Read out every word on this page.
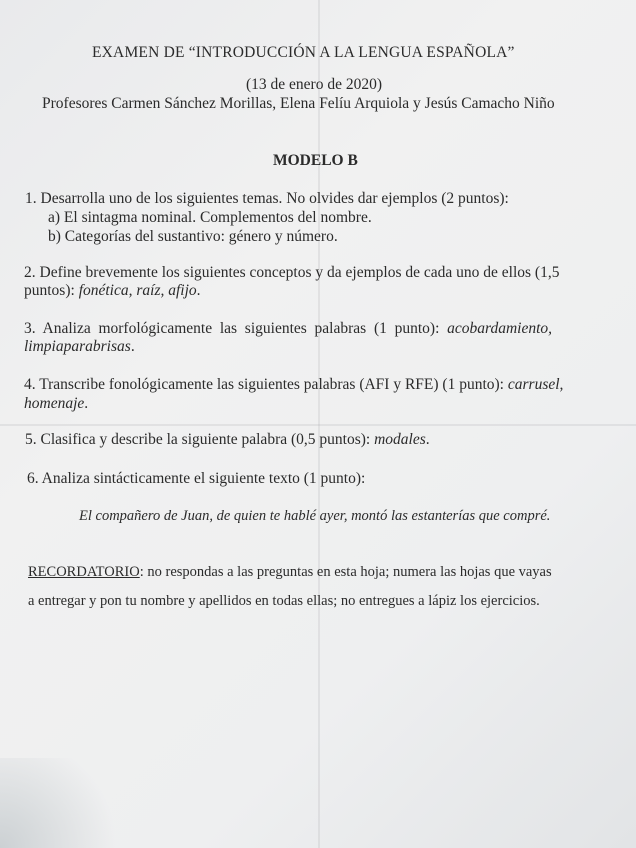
EXAMEN DE “INTRODUCCIÓN A LA LENGUA ESPAÑOLA”
(13 de enero de 2020)
Profesores Carmen Sánchez Morillas, Elena Felíu Arquiola y Jesús Camacho Niño
MODELO B
1. Desarrolla uno de los siguientes temas. No olvides dar ejemplos (2 puntos):
a) El sintagma nominal. Complementos del nombre.
b) Categorías del sustantivo: género y número.
2. Define brevemente los siguientes conceptos y da ejemplos de cada uno de ellos (1,5
puntos): fonética, raíz, afijo.
3.  Analiza  morfológicamente  las  siguientes  palabras  (1  punto):  acobardamiento,
limpiaparabrisas.
4. Transcribe fonológicamente las siguientes palabras (AFI y RFE) (1 punto): carrusel,
homenaje.
5. Clasifica y describe la siguiente palabra (0,5 puntos): modales.
6. Analiza sintácticamente el siguiente texto (1 punto):
El compañero de Juan, de quien te hablé ayer, montó las estanterías que compré.
RECORDATORIO: no respondas a las preguntas en esta hoja; numera las hojas que vayas
a entregar y pon tu nombre y apellidos en todas ellas; no entregues a lápiz los ejercicios.
